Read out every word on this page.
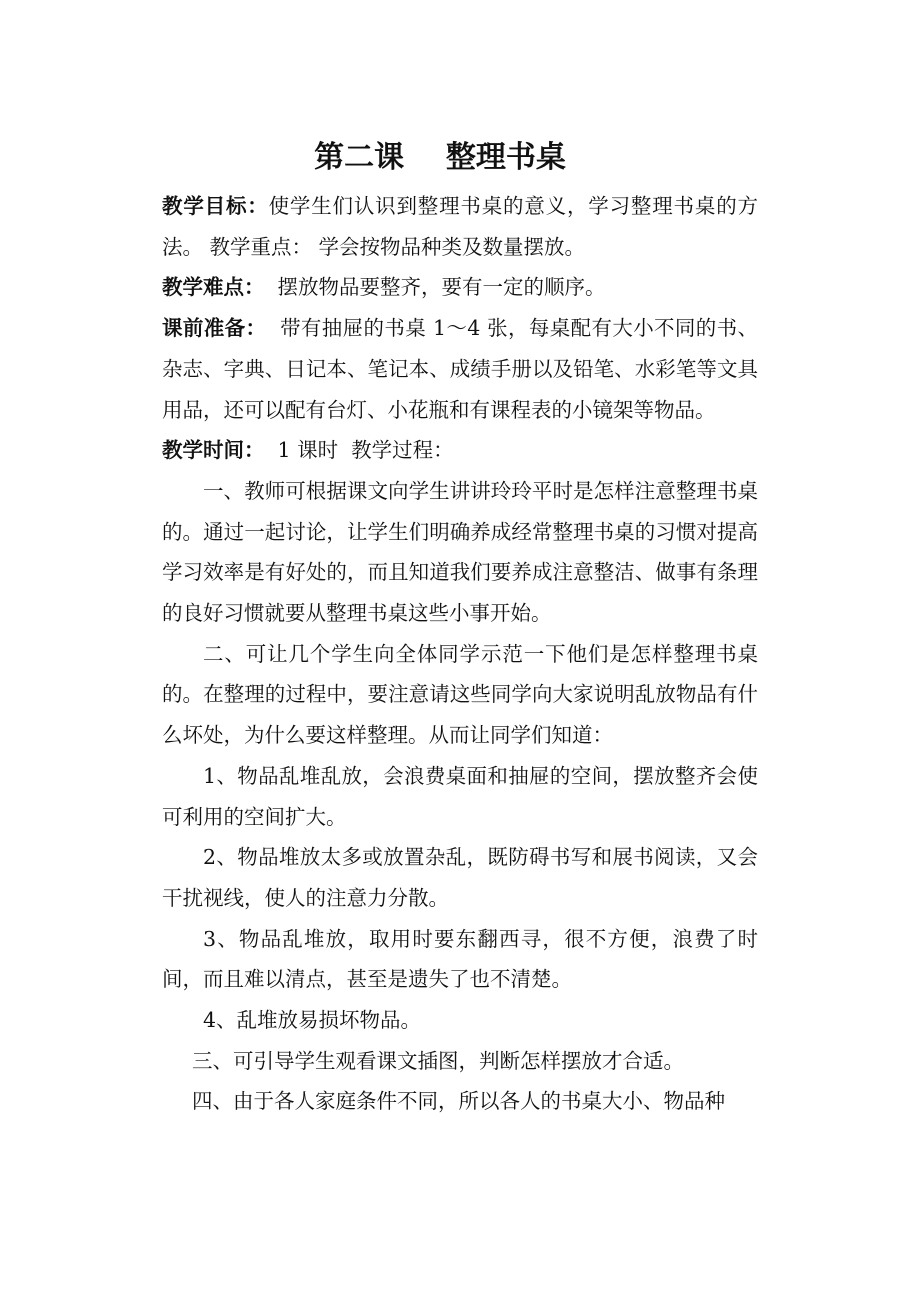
第二课    整理书桌

教学目标：使学生们认识到整理书桌的意义，学习整理书桌的方法。 教学重点： 学会按物品种类及数量摆放。

教学难点：  摆放物品要整齐，要有一定的顺序。

课前准备：  带有抽屉的书桌 1～4 张，每桌配有大小不同的书、杂志、字典、日记本、笔记本、成绩手册以及铅笔、水彩笔等文具用品，还可以配有台灯、小花瓶和有课程表的小镜架等物品。

教学时间：  1 课时  教学过程：

一、教师可根据课文向学生讲讲玲玲平时是怎样注意整理书桌的。通过一起讨论，让学生们明确养成经常整理书桌的习惯对提高学习效率是有好处的，而且知道我们要养成注意整洁、做事有条理的良好习惯就要从整理书桌这些小事开始。

二、可让几个学生向全体同学示范一下他们是怎样整理书桌的。在整理的过程中，要注意请这些同学向大家说明乱放物品有什么坏处，为什么要这样整理。从而让同学们知道：

1、物品乱堆乱放，会浪费桌面和抽屉的空间，摆放整齐会使可利用的空间扩大。

2、物品堆放太多或放置杂乱，既防碍书写和展书阅读，又会干扰视线，使人的注意力分散。

3、物品乱堆放，取用时要东翻西寻，很不方便，浪费了时间，而且难以清点，甚至是遗失了也不清楚。

4、乱堆放易损坏物品。

三、可引导学生观看课文插图，判断怎样摆放才合适。

四、由于各人家庭条件不同，所以各人的书桌大小、物品种
